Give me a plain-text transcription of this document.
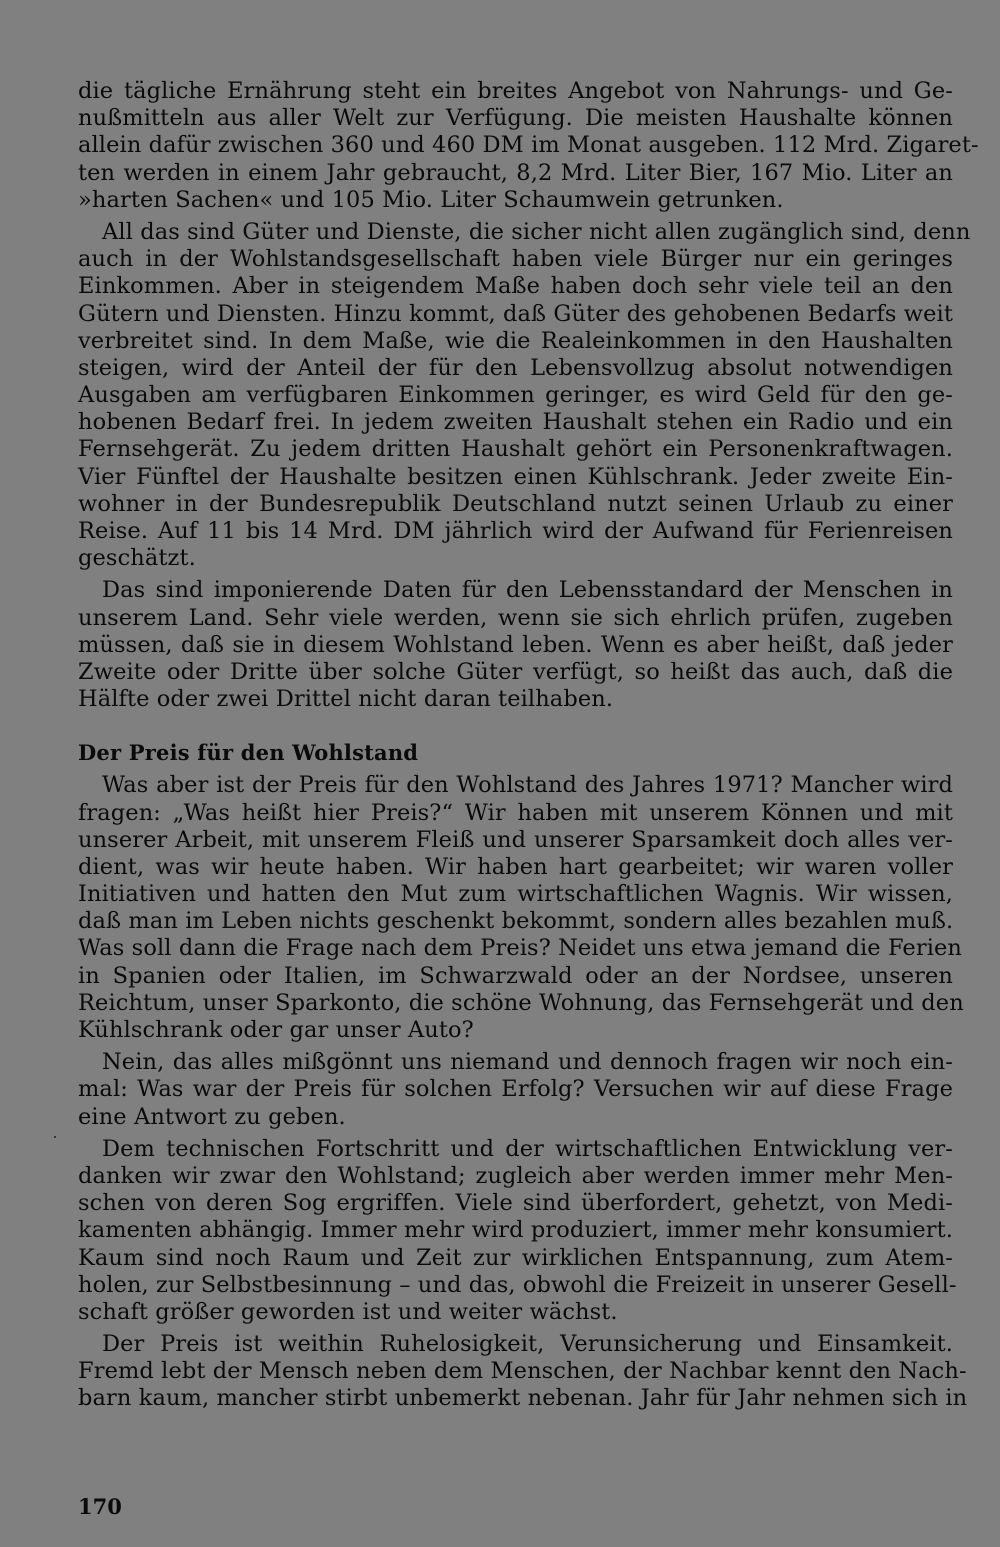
die tägliche Ernährung steht ein breites Angebot von Nahrungs- und Ge-
nußmitteln aus aller Welt zur Verfügung. Die meisten Haushalte können
allein dafür zwischen 360 und 460 DM im Monat ausgeben. 112 Mrd. Zigaret-
ten werden in einem Jahr gebraucht, 8,2 Mrd. Liter Bier, 167 Mio. Liter an
»harten Sachen« und 105 Mio. Liter Schaumwein getrunken.
All das sind Güter und Dienste, die sicher nicht allen zugänglich sind, denn
auch in der Wohlstandsgesellschaft haben viele Bürger nur ein geringes
Einkommen. Aber in steigendem Maße haben doch sehr viele teil an den
Gütern und Diensten. Hinzu kommt, daß Güter des gehobenen Bedarfs weit
verbreitet sind. In dem Maße, wie die Realeinkommen in den Haushalten
steigen, wird der Anteil der für den Lebensvollzug absolut notwendigen
Ausgaben am verfügbaren Einkommen geringer, es wird Geld für den ge-
hobenen Bedarf frei. In jedem zweiten Haushalt stehen ein Radio und ein
Fernsehgerät. Zu jedem dritten Haushalt gehört ein Personenkraftwagen.
Vier Fünftel der Haushalte besitzen einen Kühlschrank. Jeder zweite Ein-
wohner in der Bundesrepublik Deutschland nutzt seinen Urlaub zu einer
Reise. Auf 11 bis 14 Mrd. DM jährlich wird der Aufwand für Ferienreisen
geschätzt.
Das sind imponierende Daten für den Lebensstandard der Menschen in
unserem Land. Sehr viele werden, wenn sie sich ehrlich prüfen, zugeben
müssen, daß sie in diesem Wohlstand leben. Wenn es aber heißt, daß jeder
Zweite oder Dritte über solche Güter verfügt, so heißt das auch, daß die
Hälfte oder zwei Drittel nicht daran teilhaben.
Der Preis für den Wohlstand
Was aber ist der Preis für den Wohlstand des Jahres 1971? Mancher wird
fragen: „Was heißt hier Preis?“ Wir haben mit unserem Können und mit
unserer Arbeit, mit unserem Fleiß und unserer Sparsamkeit doch alles ver-
dient, was wir heute haben. Wir haben hart gearbeitet; wir waren voller
Initiativen und hatten den Mut zum wirtschaftlichen Wagnis. Wir wissen,
daß man im Leben nichts geschenkt bekommt, sondern alles bezahlen muß.
Was soll dann die Frage nach dem Preis? Neidet uns etwa jemand die Ferien
in Spanien oder Italien, im Schwarzwald oder an der Nordsee, unseren
Reichtum, unser Sparkonto, die schöne Wohnung, das Fernsehgerät und den
Kühlschrank oder gar unser Auto?
Nein, das alles mißgönnt uns niemand und dennoch fragen wir noch ein-
mal: Was war der Preis für solchen Erfolg? Versuchen wir auf diese Frage
eine Antwort zu geben.
Dem technischen Fortschritt und der wirtschaftlichen Entwicklung ver-
danken wir zwar den Wohlstand; zugleich aber werden immer mehr Men-
schen von deren Sog ergriffen. Viele sind überfordert, gehetzt, von Medi-
kamenten abhängig. Immer mehr wird produziert, immer mehr konsumiert.
Kaum sind noch Raum und Zeit zur wirklichen Entspannung, zum Atem-
holen, zur Selbstbesinnung – und das, obwohl die Freizeit in unserer Gesell-
schaft größer geworden ist und weiter wächst.
Der Preis ist weithin Ruhelosigkeit, Verunsicherung und Einsamkeit.
Fremd lebt der Mensch neben dem Menschen, der Nachbar kennt den Nach-
barn kaum, mancher stirbt unbemerkt nebenan. Jahr für Jahr nehmen sich in
170
